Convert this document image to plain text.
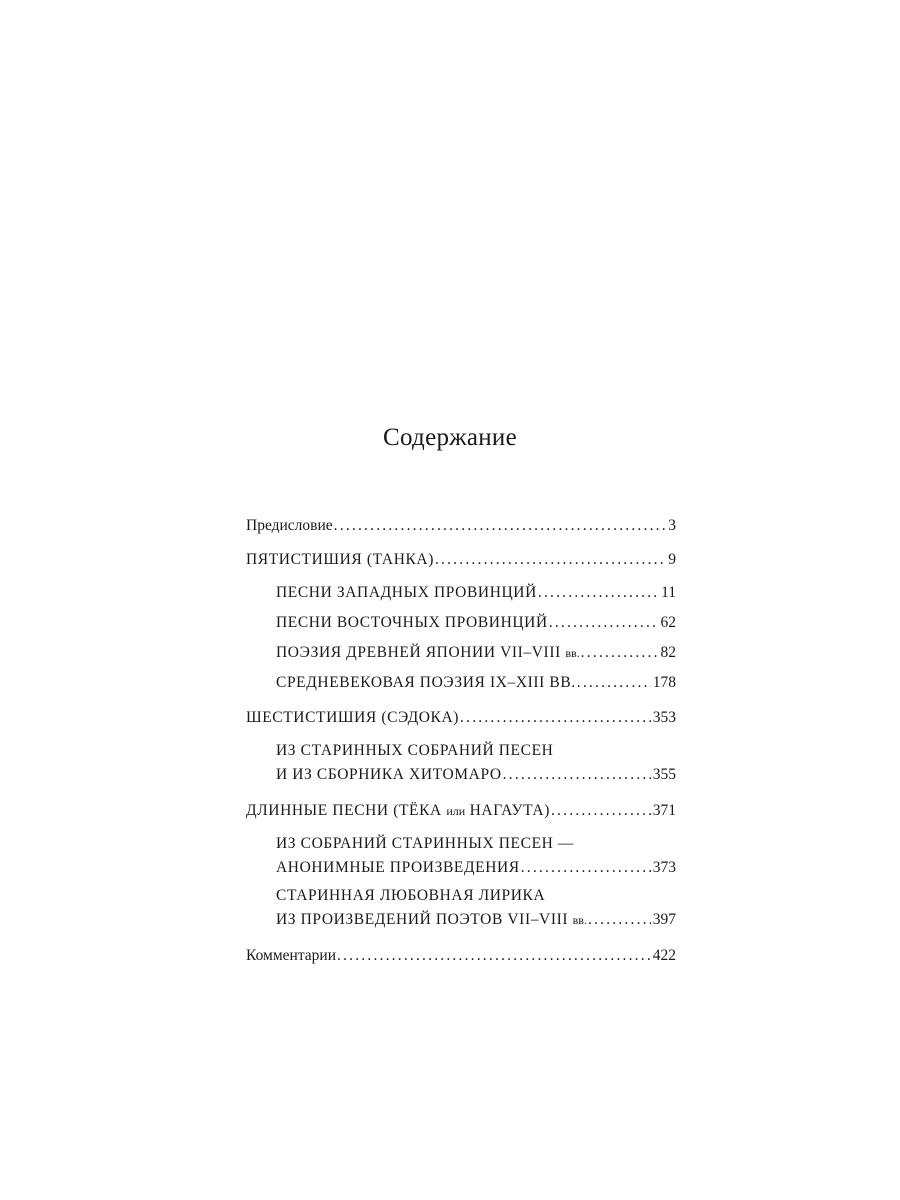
Содержание
Предисловие .....	3
ПЯТИСТИШИЯ (ТАНКА) .....	9
ПЕСНИ ЗАПАДНЫХ ПРОВИНЦИЙ .....	11
ПЕСНИ ВОСТОЧНЫХ ПРОВИНЦИЙ .....	62
ПОЭЗИЯ ДРЕВНЕЙ ЯПОНИИ VII–VIII вв. .....	82
СРЕДНЕВЕКОВАЯ ПОЭЗИЯ IX–XIII ВВ. .....	178
ШЕСТИСТИШИЯ (СЭДОКА) .....	353
ИЗ СТАРИННЫХ СОБРАНИЙ ПЕСЕН
И ИЗ СБОРНИКА ХИТОМАРО .....	355
ДЛИННЫЕ ПЕСНИ (ТЁКА или НАГАУТА) .....	371
ИЗ СОБРАНИЙ СТАРИННЫХ ПЕСЕН —
АНОНИМНЫЕ ПРОИЗВЕДЕНИЯ .....	373
СТАРИННАЯ ЛЮБОВНАЯ ЛИРИКА
ИЗ ПРОИЗВЕДЕНИЙ ПОЭТОВ VII–VIII вв. .....	397
Комментарии .....	422
